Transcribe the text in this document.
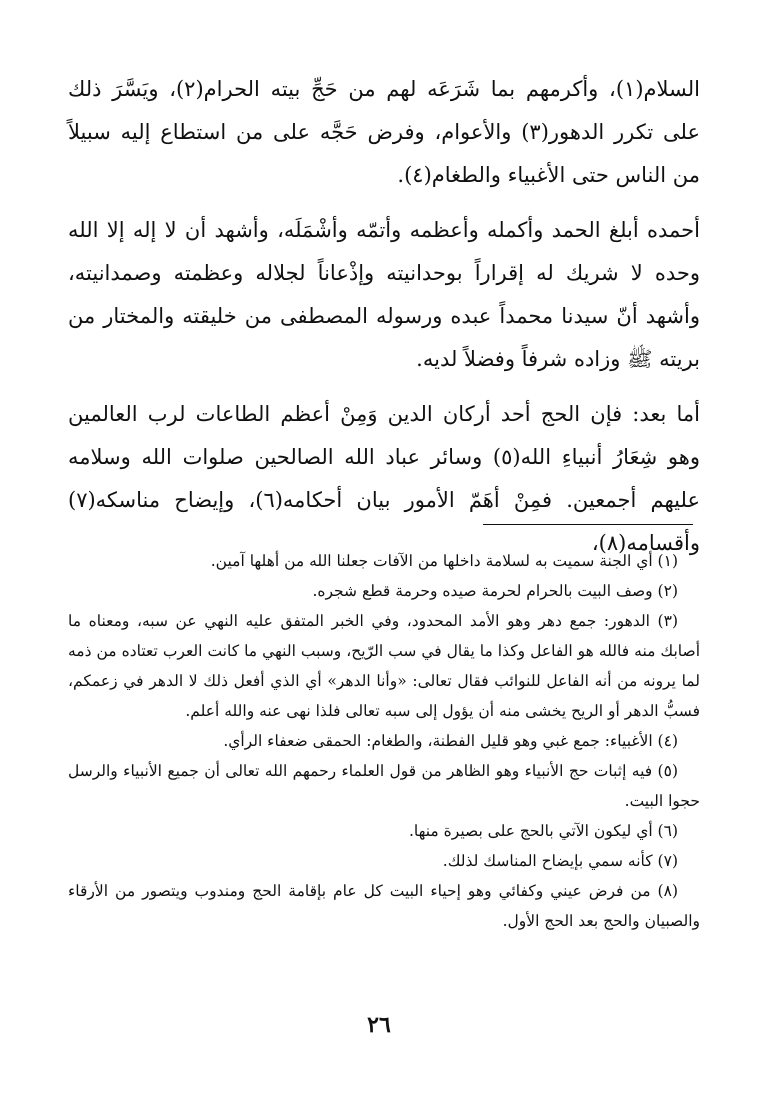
السلام(١)، وأكرمهم بما شَرَعَه لهم من حَجِّ بيته الحرام(٢)، ويَسَّرَ ذلك على تكرر الدهور(٣) والأعوام، وفرض حَجَّه على من استطاع إليه سبيلاً من الناس حتى الأغبياء والطغام(٤).

أحمده أبلغ الحمد وأكمله وأعظمه وأتمّه وأشْمَلَه، وأشهد أن لا إله إلا الله وحده لا شريك له إقراراً بوحدانيته وإذْعاناً لجلاله وعظمته وصمدانيته، وأشهد أنّ سيدنا محمداً عبده ورسوله المصطفى من خليقته والمختار من بريته ﷺ وزاده شرفاً وفضلاً لديه.

أما بعد: فإن الحج أحد أركان الدين وَمِنْ أعظم الطاعات لرب العالمين وهو شِعَارُ أنبياءِ الله(٥) وسائر عباد الله الصالحين صلوات الله وسلامه عليهم أجمعين. فمِنْ أهَمّ الأمور بيان أحكامه(٦)، وإيضاح مناسكه(٧) وأقسامه(٨)،

(١) أي الجنة سميت به لسلامة داخلها من الآفات جعلنا الله من أهلها آمين.

(٢) وصف البيت بالحرام لحرمة صيده وحرمة قطع شجره.

(٣) الدهور: جمع دهر وهو الأمد المحدود، وفي الخبر المتفق عليه النهي عن سبه، ومعناه ما أصابك منه فالله هو الفاعل وكذا ما يقال في سب الرّيح، وسبب النهي ما كانت العرب تعتاده من ذمه لما يرونه من أنه الفاعل للنوائب فقال تعالى: «وأنا الدهر» أي الذي أفعل ذلك لا الدهر في زعمكم، فسبُّ الدهر أو الريح يخشى منه أن يؤول إلى سبه تعالى فلذا نهى عنه والله أعلم.

(٤) الأغبياء: جمع غبي وهو قليل الفطنة، والطغام: الحمقى ضعفاء الرأي.

(٥) فيه إثبات حج الأنبياء وهو الظاهر من قول العلماء رحمهم الله تعالى أن جميع الأنبياء والرسل حجوا البيت.

(٦) أي ليكون الآتي بالحج على بصيرة منها.

(٧) كأنه سمي بإيضاح المناسك لذلك.

(٨) من فرض عيني وكفائي وهو إحياء البيت كل عام بإقامة الحج ومندوب ويتصور من الأرقاء والصبيان والحج بعد الحج الأول.

٢٦
